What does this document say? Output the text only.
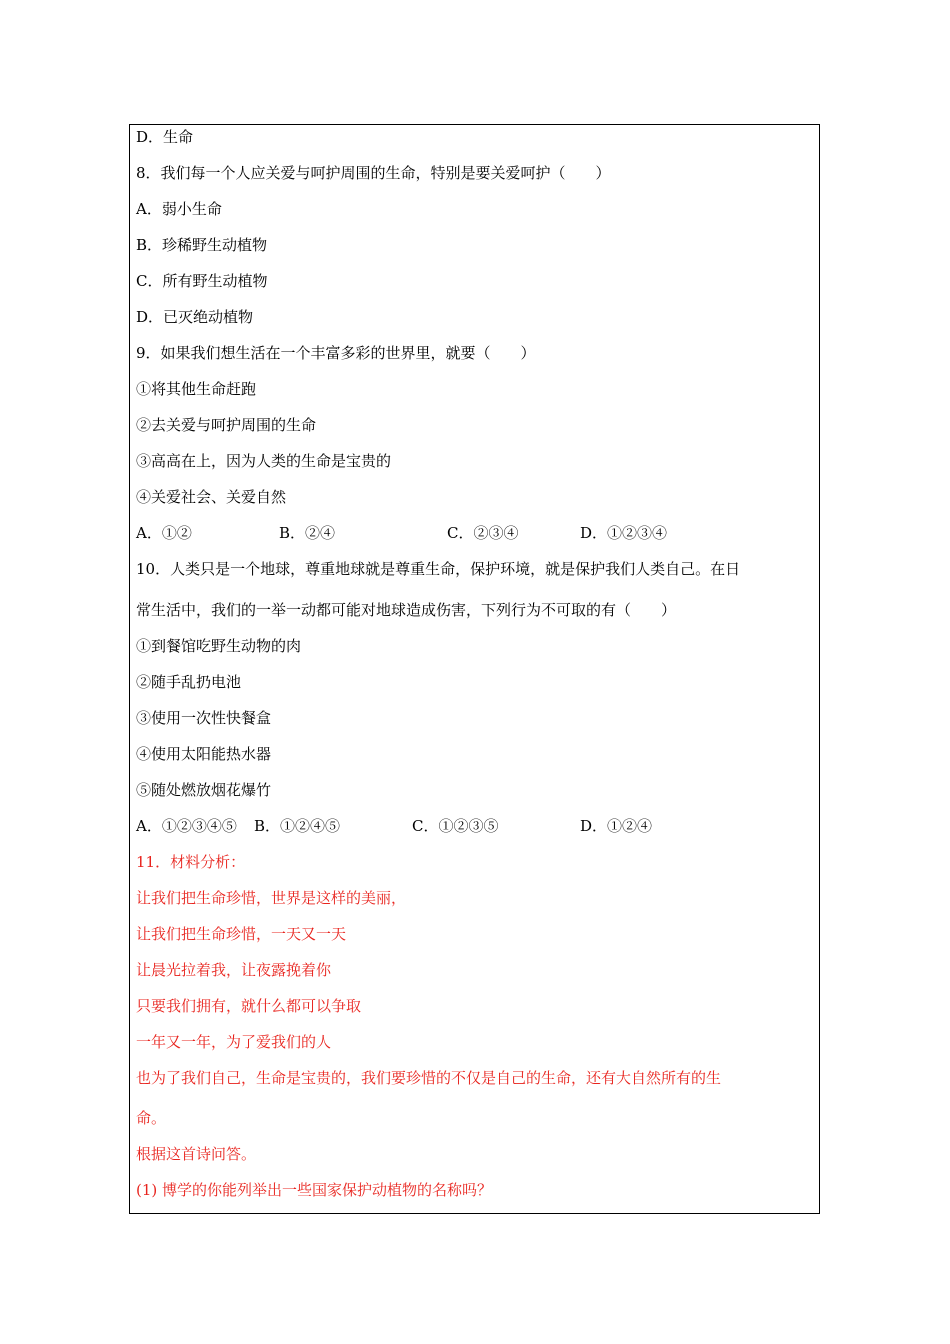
D．生命
8．我们每一个人应关爱与呵护周围的生命，特别是要关爱呵护（　　）
A．弱小生命
B．珍稀野生动植物
C．所有野生动植物
D．已灭绝动植物
9．如果我们想生活在一个丰富多彩的世界里，就要（　　）
①将其他生命赶跑
②去关爱与呵护周围的生命
③高高在上，因为人类的生命是宝贵的
④关爱社会、关爱自然
A．①②	B．②④	C．②③④	D．①②③④
10．人类只是一个地球，尊重地球就是尊重生命，保护环境，就是保护我们人类自己。在日
常生活中，我们的一举一动都可能对地球造成伤害，下列行为不可取的有（　　）
①到餐馆吃野生动物的肉
②随手乱扔电池
③使用一次性快餐盒
④使用太阳能热水器
⑤随处燃放烟花爆竹
A．①②③④⑤ B．①②④⑤	C．①②③⑤	D．①②④
11．材料分析：
让我们把生命珍惜，世界是这样的美丽，
让我们把生命珍惜，一天又一天
让晨光拉着我，让夜露挽着你
只要我们拥有，就什么都可以争取
一年又一年，为了爱我们的人
也为了我们自己，生命是宝贵的，我们要珍惜的不仅是自己的生命，还有大自然所有的生
命。
根据这首诗问答。
(1) 博学的你能列举出一些国家保护动植物的名称吗？
